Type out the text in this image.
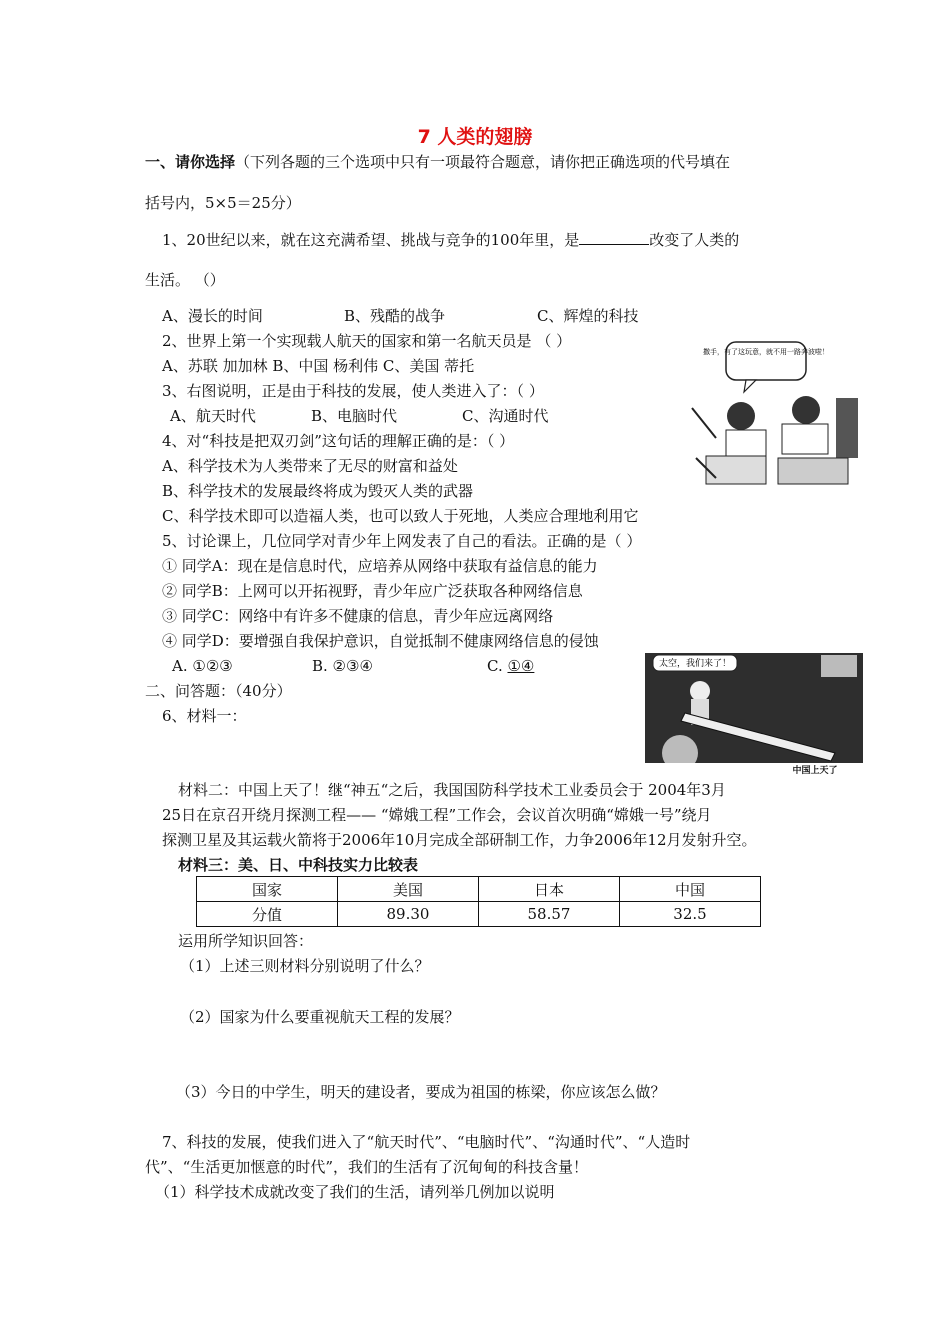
7 人类的翅膀
一、请你选择（下列各题的三个选项中只有一项最符合题意，请你把正确选项的代号填在
括号内，5×5＝25分）
1、20世纪以来，就在这充满希望、挑战与竞争的100年里，是	改变了人类的
生活。 （）
A、漫长的时间	B、残酷的战争	C、辉煌的科技
2、世界上第一个实现载人航天的国家和第一名航天员是 （ ）
A、苏联 加加林 B、中国 杨利伟 C、美国 蒂托
3、右图说明，正是由于科技的发展，使人类进入了：（ ）
A、航天时代	B、电脑时代	C、沟通时代
4、对“科技是把双刃剑”这句话的理解正确的是：（ ）
A、科学技术为人类带来了无尽的财富和益处
B、科学技术的发展最终将成为毁灭人类的武器
C、科学技术即可以造福人类，也可以致人于死地，人类应合理地利用它
5、讨论课上，几位同学对青少年上网发表了自己的看法。正确的是（ ）
① 同学A：现在是信息时代，应培养从网络中获取有益信息的能力
② 同学B：上网可以开拓视野，青少年应广泛获取各种网络信息
③ 同学C：网络中有许多不健康的信息，青少年应远离网络
④ 同学D：要增强自我保护意识，自觉抵制不健康网络信息的侵蚀
A. ①②③	B. ②③④	C. ①④
二、问答题：（40分）
6、材料一：
材料二：中国上天了！继“神五“之后，我国国防科学技术工业委员会于 2004年3月
25日在京召开绕月探测工程—— “嫦娥工程”工作会，会议首次明确“嫦娥一号”绕月
探测卫星及其运载火箭将于2006年10月完成全部研制工作，力争2006年12月发射升空。
材料三：美、日、中科技实力比较表
国家	美国	日本	中国
分值	89.30	58.57	32.5
运用所学知识回答：
（1）上述三则材料分别说明了什么？
（2）国家为什么要重视航天工程的发展？
（3）今日的中学生，明天的建设者，要成为祖国的栋梁，你应该怎么做？
7、科技的发展，使我们进入了“航天时代”、“电脑时代”、“沟通时代”、“人造时
代”、“生活更加惬意的时代”，我们的生活有了沉甸甸的科技含量！
（1）科学技术成就改变了我们的生活，请列举几例加以说明
撒手，有了这玩意，就不用一路奔波啦！
太空，我们来了！
中国上天了
